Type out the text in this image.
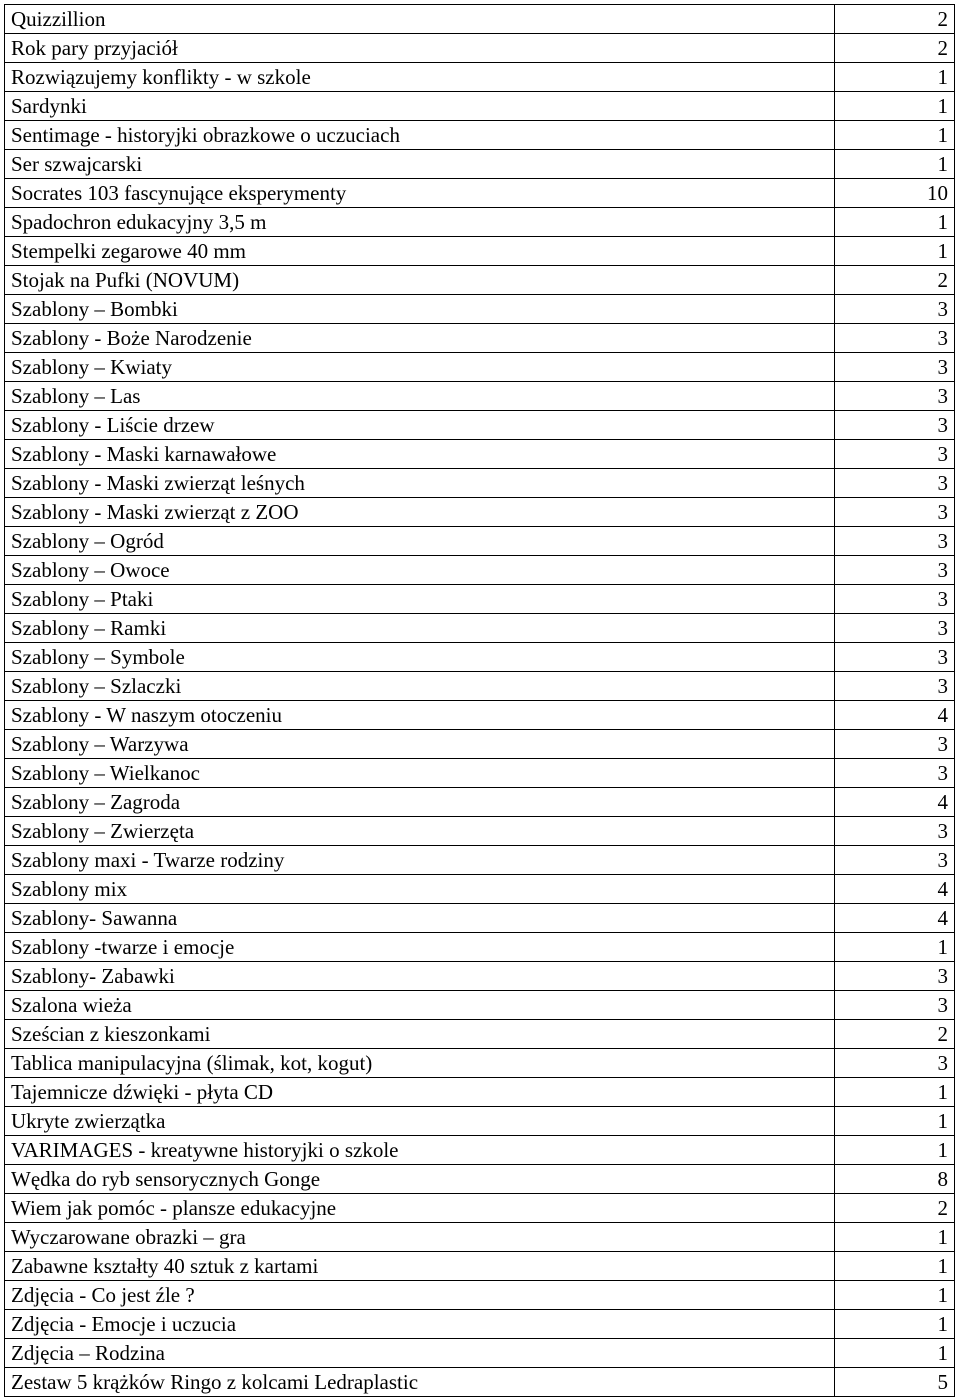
Quizzillion	2
Rok pary przyjaciół	2
Rozwiązujemy konflikty - w szkole	1
Sardynki	1
Sentimage - historyjki obrazkowe o uczuciach	1
Ser szwajcarski	1
Socrates 103 fascynujące eksperymenty	10
Spadochron edukacyjny 3,5 m	1
Stempelki zegarowe 40 mm	1
Stojak na Pufki (NOVUM)	2
Szablony – Bombki	3
Szablony - Boże Narodzenie	3
Szablony – Kwiaty	3
Szablony – Las	3
Szablony - Liście drzew	3
Szablony - Maski karnawałowe	3
Szablony - Maski zwierząt leśnych	3
Szablony - Maski zwierząt z ZOO	3
Szablony – Ogród	3
Szablony – Owoce	3
Szablony – Ptaki	3
Szablony – Ramki	3
Szablony – Symbole	3
Szablony – Szlaczki	3
Szablony - W naszym otoczeniu	4
Szablony – Warzywa	3
Szablony – Wielkanoc	3
Szablony – Zagroda	4
Szablony – Zwierzęta	3
Szablony maxi - Twarze rodziny	3
Szablony mix	4
Szablony- Sawanna	4
Szablony -twarze i emocje	1
Szablony- Zabawki	3
Szalona wieża	3
Sześcian z kieszonkami	2
Tablica manipulacyjna (ślimak, kot, kogut)	3
Tajemnicze dźwięki - płyta CD	1
Ukryte zwierzątka	1
VARIMAGES - kreatywne historyjki o szkole	1
Wędka do ryb sensorycznych Gonge	8
Wiem jak pomóc - plansze edukacyjne	2
Wyczarowane obrazki – gra	1
Zabawne kształty 40 sztuk z kartami	1
Zdjęcia - Co jest źle ?	1
Zdjęcia - Emocje i uczucia	1
Zdjęcia – Rodzina	1
Zestaw 5 krążków Ringo z kolcami Ledraplastic	5
